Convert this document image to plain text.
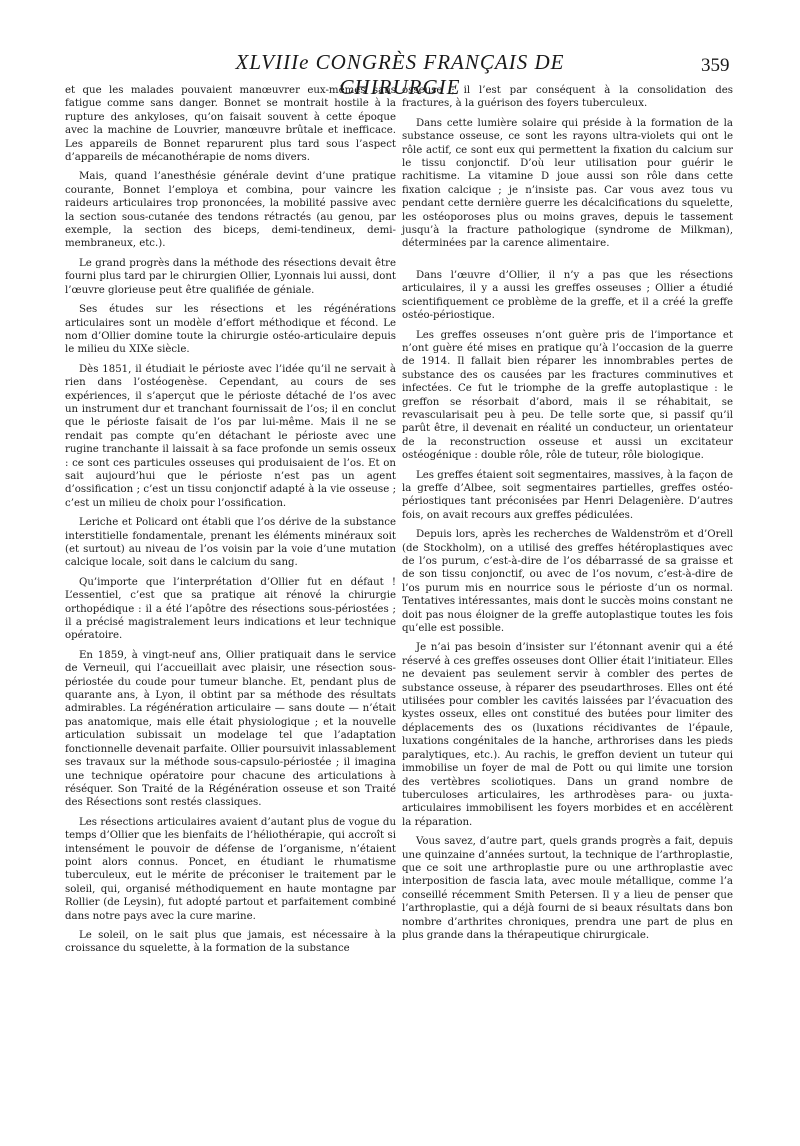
XLVIIIe CONGRÈS FRANÇAIS DE CHIRURGIE
359

et que les malades pouvaient manœuvrer eux-mêmes sans fatigue comme sans danger. Bonnet se montrait hostile à la rupture des ankyloses, qu’on faisait souvent à cette époque avec la machine de Louvrier, manœuvre brûtale et inefficace. Les appareils de Bonnet reparurent plus tard sous l’aspect d’appareils de mécanothérapie de noms divers.

Mais, quand l’anesthésie générale devint d’une pratique courante, Bonnet l’employa et combina, pour vaincre les raideurs articulaires trop prononcées, la mobilité passive avec la section sous-cutanée des tendons rétractés (au genou, par exemple, la section des biceps, demi-tendineux, demi-membraneux, etc.).

Le grand progrès dans la méthode des résections devait être fourni plus tard par le chirurgien Ollier, Lyonnais lui aussi, dont l’œuvre glorieuse peut être qualifiée de géniale.

Ses études sur les résections et les régénérations articulaires sont un modèle d’effort méthodique et fécond. Le nom d’Ollier domine toute la chirurgie ostéo-articulaire depuis le milieu du XIXe siècle.

Dès 1851, il étudiait le périoste avec l’idée qu’il ne servait à rien dans l’ostéogenèse. Cependant, au cours de ses expériences, il s’aperçut que le périoste détaché de l’os avec un instrument dur et tranchant fournissait de l’os; il en conclut que le périoste faisait de l’os par lui-même. Mais il ne se rendait pas compte qu’en détachant le périoste avec une rugine tranchante il laissait à sa face profonde un semis osseux : ce sont ces particules osseuses qui produisaient de l’os. Et on sait aujourd’hui que le périoste n’est pas un agent d’ossification ; c’est un tissu conjonctif adapté à la vie osseuse ; c’est un milieu de choix pour l’ossification.

Leriche et Policard ont établi que l’os dérive de la substance interstitielle fondamentale, prenant les éléments minéraux soit (et surtout) au niveau de l’os voisin par la voie d’une mutation calcique locale, soit dans le calcium du sang.

Qu’importe que l’interprétation d’Ollier fut en défaut ! L’essentiel, c’est que sa pratique ait rénové la chirurgie orthopédique : il a été l’apôtre des résections sous-périostées ; il a précisé magistralement leurs indications et leur technique opératoire.

En 1859, à vingt-neuf ans, Ollier pratiquait dans le service de Verneuil, qui l’accueillait avec plaisir, une résection sous-périostée du coude pour tumeur blanche. Et, pendant plus de quarante ans, à Lyon, il obtint par sa méthode des résultats admirables. La régénération articulaire — sans doute — n’était pas anatomique, mais elle était physiologique ; et la nouvelle articulation subissait un modelage tel que l’adaptation fonctionnelle devenait parfaite. Ollier poursuivit inlassablement ses travaux sur la méthode sous-capsulo-périostée ; il imagina une technique opératoire pour chacune des articulations à réséquer. Son Traité de la Régénération osseuse et son Traité des Résections sont restés classiques.

Les résections articulaires avaient d’autant plus de vogue du temps d’Ollier que les bienfaits de l’héliothérapie, qui accroît si intensément le pouvoir de défense de l’organisme, n’étaient point alors connus. Poncet, en étudiant le rhumatisme tuberculeux, eut le mérite de préconiser le traitement par le soleil, qui, organisé méthodiquement en haute montagne par Rollier (de Leysin), fut adopté partout et parfaitement combiné dans notre pays avec la cure marine.

Le soleil, on le sait plus que jamais, est nécessaire à la croissance du squelette, à la formation de la substance

osseuse ; il l’est par conséquent à la consolidation des fractures, à la guérison des foyers tuberculeux.

Dans cette lumière solaire qui préside à la formation de la substance osseuse, ce sont les rayons ultra-violets qui ont le rôle actif, ce sont eux qui permettent la fixation du calcium sur le tissu conjonctif. D’où leur utilisation pour guérir le rachitisme. La vitamine D joue aussi son rôle dans cette fixation calcique ; je n’insiste pas. Car vous avez tous vu pendant cette dernière guerre les décalcifications du squelette, les ostéoporoses plus ou moins graves, depuis le tassement jusqu’à la fracture pathologique (syndrome de Milkman), déterminées par la carence alimentaire.

Dans l’œuvre d’Ollier, il n’y a pas que les résections articulaires, il y a aussi les greffes osseuses ; Ollier a étudié scientifiquement ce problème de la greffe, et il a créé la greffe ostéo-périostique.

Les greffes osseuses n’ont guère pris de l’importance et n’ont guère été mises en pratique qu’à l’occasion de la guerre de 1914. Il fallait bien réparer les innombrables pertes de substance des os causées par les fractures comminutives et infectées. Ce fut le triomphe de la greffe autoplastique : le greffon se résorbait d’abord, mais il se réhabitait, se revascularisait peu à peu. De telle sorte que, si passif qu’il parût être, il devenait en réalité un conducteur, un orientateur de la reconstruction osseuse et aussi un excitateur ostéogénique : double rôle, rôle de tuteur, rôle biologique.

Les greffes étaient soit segmentaires, massives, à la façon de la greffe d’Albee, soit segmentaires partielles, greffes ostéo-périostiques tant préconisées par Henri Delagenière. D’autres fois, on avait recours aux greffes pédiculées.

Depuis lors, après les recherches de Waldenström et d’Orell (de Stockholm), on a utilisé des greffes hétéroplastiques avec de l’os purum, c’est-à-dire de l’os débarrassé de sa graisse et de son tissu conjonctif, ou avec de l’os novum, c’est-à-dire de l’os purum mis en nourrice sous le périoste d’un os normal. Tentatives intéressantes, mais dont le succès moins constant ne doit pas nous éloigner de la greffe autoplastique toutes les fois qu’elle est possible.

Je n’ai pas besoin d’insister sur l’étonnant avenir qui a été réservé à ces greffes osseuses dont Ollier était l’initiateur. Elles ne devaient pas seulement servir à combler des pertes de substance osseuse, à réparer des pseudarthroses. Elles ont été utilisées pour combler les cavités laissées par l’évacuation des kystes osseux, elles ont constitué des butées pour limiter des déplacements des os (luxations récidivantes de l’épaule, luxations congénitales de la hanche, arthrorises dans les pieds paralytiques, etc.). Au rachis, le greffon devient un tuteur qui immobilise un foyer de mal de Pott ou qui limite une torsion des vertèbres scoliotiques. Dans un grand nombre de tuberculoses articulaires, les arthrodèses para- ou juxta-articulaires immobilisent les foyers morbides et en accélèrent la réparation.

Vous savez, d’autre part, quels grands progrès a fait, depuis une quinzaine d’années surtout, la technique de l’arthroplastie, que ce soit une arthroplastie pure ou une arthroplastie avec interposition de fascia lata, avec moule métallique, comme l’a conseillé récemment Smith Petersen. Il y a lieu de penser que l’arthroplastie, qui a déjà fourni de si beaux résultats dans bon nombre d’arthrites chroniques, prendra une part de plus en plus grande dans la thérapeutique chirurgicale.
